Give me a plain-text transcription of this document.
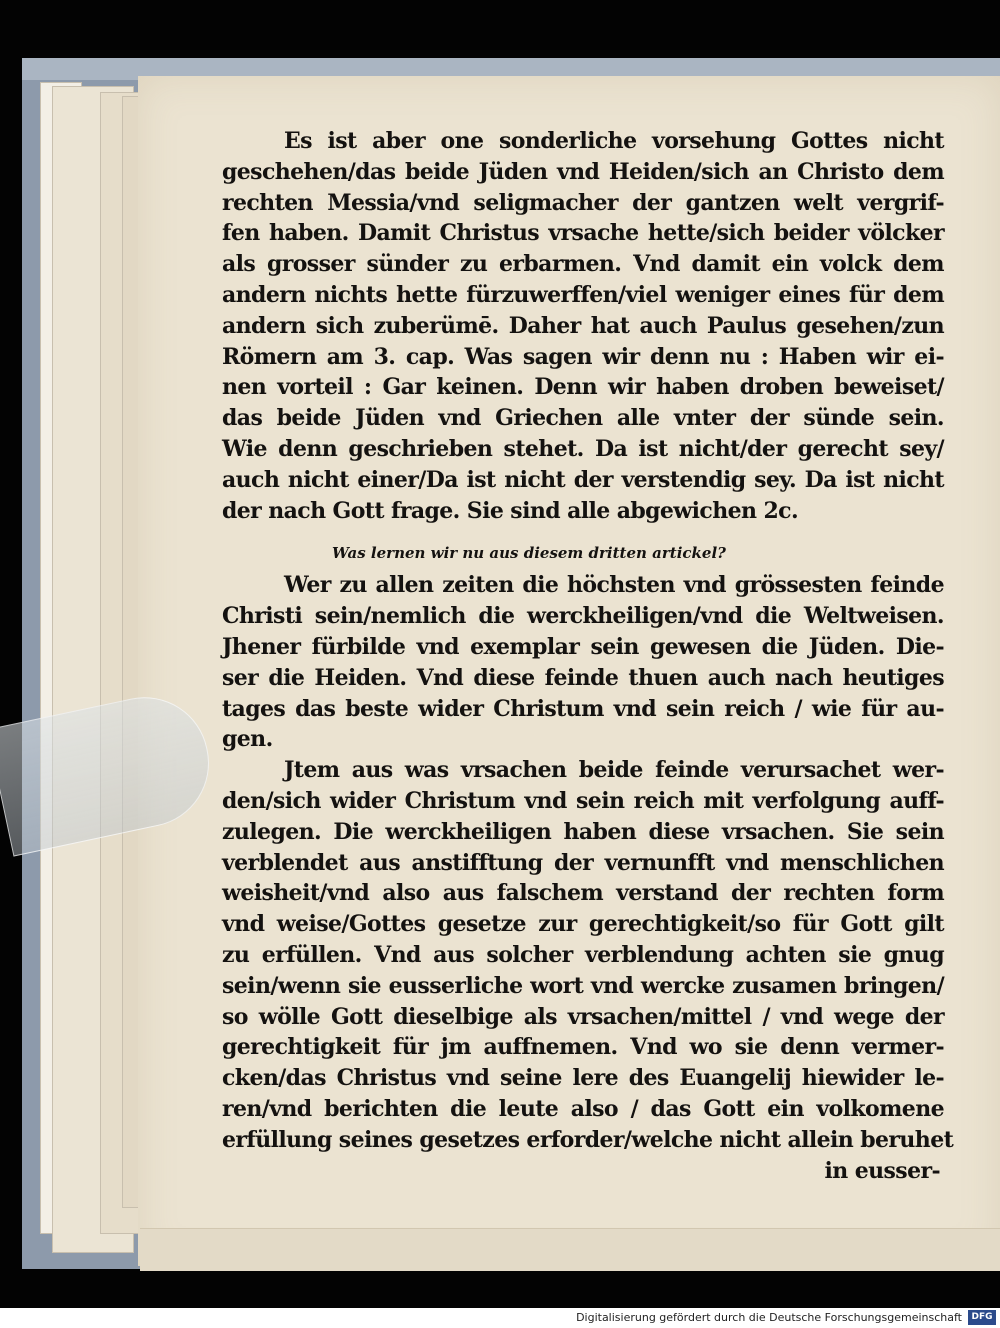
Es ist aber one sonderliche vorsehung Gottes nicht
geschehen/das beide Jüden vnd Heiden/sich an Christo dem
rechten Messia/vnd seligmacher der gantzen welt vergrif-
fen haben. Damit Christus vrsache hette/sich beider völcker
als grosser sünder zu erbarmen. Vnd damit ein volck dem
andern nichts hette fürzuwerffen/viel weniger eines für dem
andern sich zuberümē. Daher hat auch Paulus gesehen/zun
Römern am 3. cap. Was sagen wir denn nu : Haben wir ei-
nen vorteil : Gar keinen. Denn wir haben droben beweiset/
das beide Jüden vnd Griechen alle vnter der sünde sein.
Wie denn geschrieben stehet. Da ist nicht/der gerecht sey/
auch nicht einer/Da ist nicht der verstendig sey. Da ist nicht
der nach Gott frage. Sie sind alle abgewichen 2c.
Was lernen wir nu aus diesem dritten artickel?
Wer zu allen zeiten die höchsten vnd grössesten feinde
Christi sein/nemlich die werckheiligen/vnd die Weltweisen.
Jhener fürbilde vnd exemplar sein gewesen die Jüden. Die-
ser die Heiden. Vnd diese feinde thuen auch nach heutiges
tages das beste wider Christum vnd sein reich / wie für au-
gen.
Jtem aus was vrsachen beide feinde verursachet wer-
den/sich wider Christum vnd sein reich mit verfolgung auff-
zulegen. Die werckheiligen haben diese vrsachen. Sie sein
verblendet aus anstifftung der vernunfft vnd menschlichen
weisheit/vnd also aus falschem verstand der rechten form
vnd weise/Gottes gesetze zur gerechtigkeit/so für Gott gilt
zu erfüllen. Vnd aus solcher verblendung achten sie gnug
sein/wenn sie eusserliche wort vnd wercke zusamen bringen/
so wölle Gott dieselbige als vrsachen/mittel / vnd wege der
gerechtigkeit für jm auffnemen. Vnd wo sie denn vermer-
cken/das Christus vnd seine lere des Euangelij hiewider le-
ren/vnd berichten die leute also / das Gott ein volkomene
erfüllung seines gesetzes erforder/welche nicht allein beruhet
in eusser-
Digitalisierung gefördert durch die Deutsche Forschungsgemeinschaft	DFG
